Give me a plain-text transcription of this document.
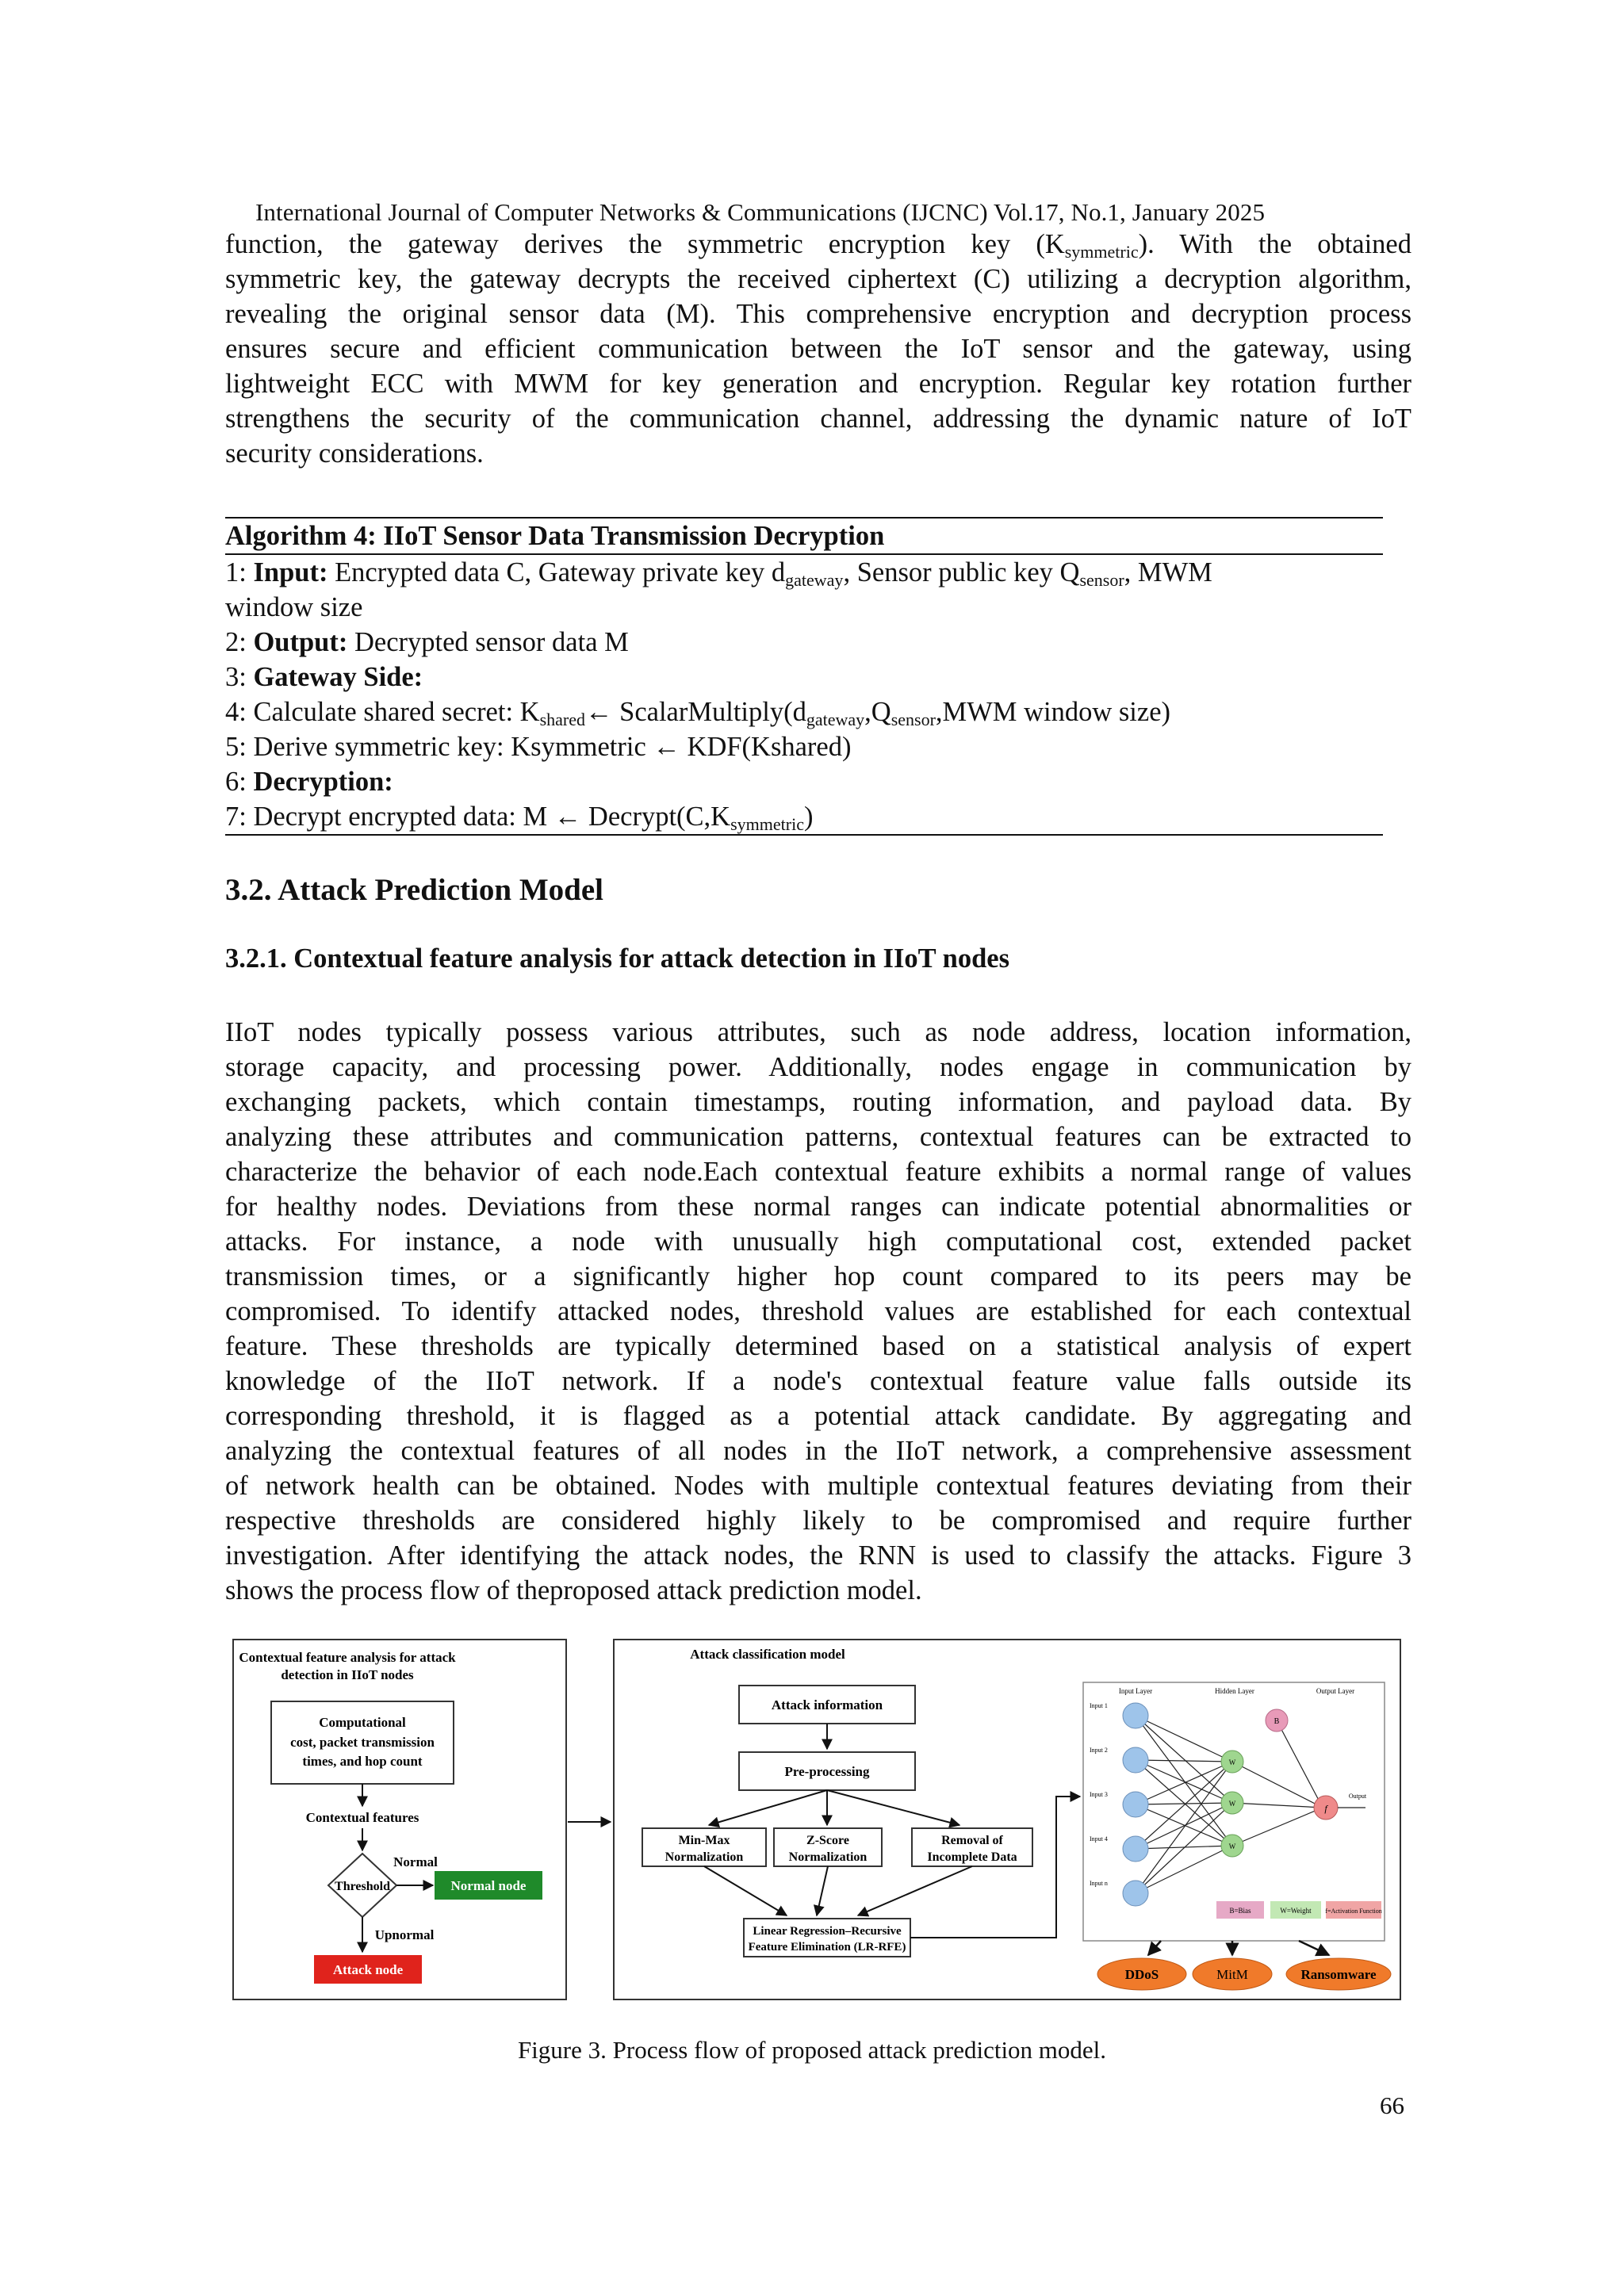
International Journal of Computer Networks & Communications (IJCNC) Vol.17, No.1, January 2025
function, the gateway derives the symmetric encryption key $(K_{symmetric})$. With the obtained
symmetric key, the gateway decrypts the received ciphertext (C) utilizing a decryption algorithm,
revealing the original sensor data (M). This comprehensive encryption and decryption process
ensures secure and efficient communication between the IoT sensor and the gateway, using
lightweight ECC with MWM for key generation and encryption. Regular key rotation further
strengthens the security of the communication channel, addressing the dynamic nature of IoT
security considerations.
Algorithm 4: IIoT Sensor Data Transmission Decryption
1: Input: Encrypted data C, Gateway private key $d_{gateway}$, Sensor public key $Q_{sensor}$, MWM
window size
2: Output: Decrypted sensor data M
3: Gateway Side:
4: Calculate shared secret: $K_{shared}\leftarrow$ $ScalarMultiply(d_{gateway},Q_{sensor},MWM$ window size)
5: Derive symmetric key: Ksymmetric ← KDF(Kshared)
6: Decryption:
7: Decrypt encrypted data: M ← $Decrypt(C,K_{symmetric})$
3.2. Attack Prediction Model
3.2.1. Contextual feature analysis for attack detection in IIoT nodes
IIoT nodes typically possess various attributes, such as node address, location information,
storage capacity, and processing power. Additionally, nodes engage in communication by
exchanging packets, which contain timestamps, routing information, and payload data. By
analyzing these attributes and communication patterns, contextual features can be extracted to
characterize the behavior of each node.Each contextual feature exhibits a normal range of values
for healthy nodes. Deviations from these normal ranges can indicate potential abnormalities or
attacks. For instance, a node with unusually high computational cost, extended packet
transmission times, or a significantly higher hop count compared to its peers may be
compromised. To identify attacked nodes, threshold values are established for each contextual
feature. These thresholds are typically determined based on a statistical analysis of expert
knowledge of the IIoT network. If a node's contextual feature value falls outside its
corresponding threshold, it is flagged as a potential attack candidate. By aggregating and
analyzing the contextual features of all nodes in the IIoT network, a comprehensive assessment
of network health can be obtained. Nodes with multiple contextual features deviating from their
respective thresholds are considered highly likely to be compromised and require further
investigation. After identifying the attack nodes, the RNN is used to classify the attacks. Figure 3
shows the process flow of theproposed attack prediction model.
Contextual feature analysis for attack
detection in IIoT nodes
Computational
cost, packet transmission
times, and hop count
Contextual features
Threshold
Normal
Normal node
Upnormal
Attack node
Attack classification model
Attack information
Pre-processing
Min-Max
Normalization
Z-Score
Normalization
Removal of
Incomplete Data
Linear Regression–Recursive
Feature Elimination (LR-RFE)
Input Layer	Hidden Layer	Output Layer
Input 1
Input 2
Input 3
Input 4
Input n
W
W
W
B
f
Output
B=Bias	W=Weight f=Activation Function
DDoS	MitM	Ransomware
Figure 3. Process flow of proposed attack prediction model.
66
